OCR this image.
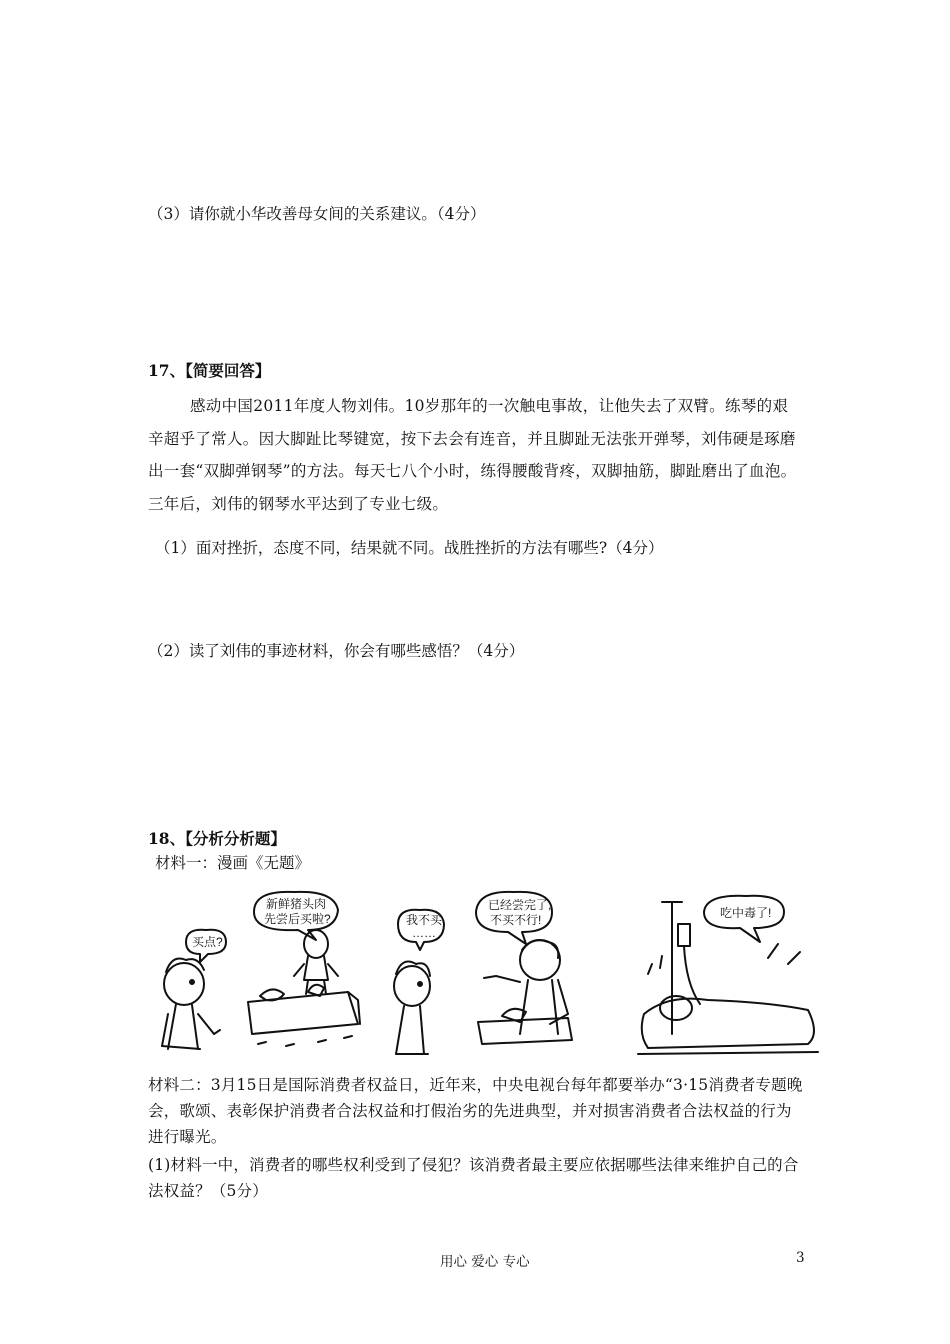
（3）请你就小华改善母女间的关系建议。（4分）
17、【简要回答】
感动中国2011年度人物刘伟。10岁那年的一次触电事故，让他失去了双臂。练琴的艰辛超乎了常人。因大脚趾比琴键宽，按下去会有连音，并且脚趾无法张开弹琴，刘伟硬是琢磨出一套“双脚弹钢琴”的方法。每天七八个小时，练得腰酸背疼，双脚抽筋，脚趾磨出了血泡。三年后，刘伟的钢琴水平达到了专业七级。
（1）面对挫折，态度不同，结果就不同。战胜挫折的方法有哪些?（4分）
（2）读了刘伟的事迹材料，你会有哪些感悟？（4分）
18、【分析分析题】
材料一：漫画《无题》
买点?
新鲜猪头肉
先尝后买啦?	我不买
……
已经尝完了,
不买不行!	吃中毒了!
材料二：3月15日是国际消费者权益日，近年来，中央电视台每年都要举办“3·15消费者专题晚会，歌颂、表彰保护消费者合法权益和打假治劣的先进典型，并对损害消费者合法权益的行为进行曝光。
(1)材料一中，消费者的哪些权利受到了侵犯？该消费者最主要应依据哪些法律来维护自己的合法权益？（5分）
用心 爱心 专心	3
